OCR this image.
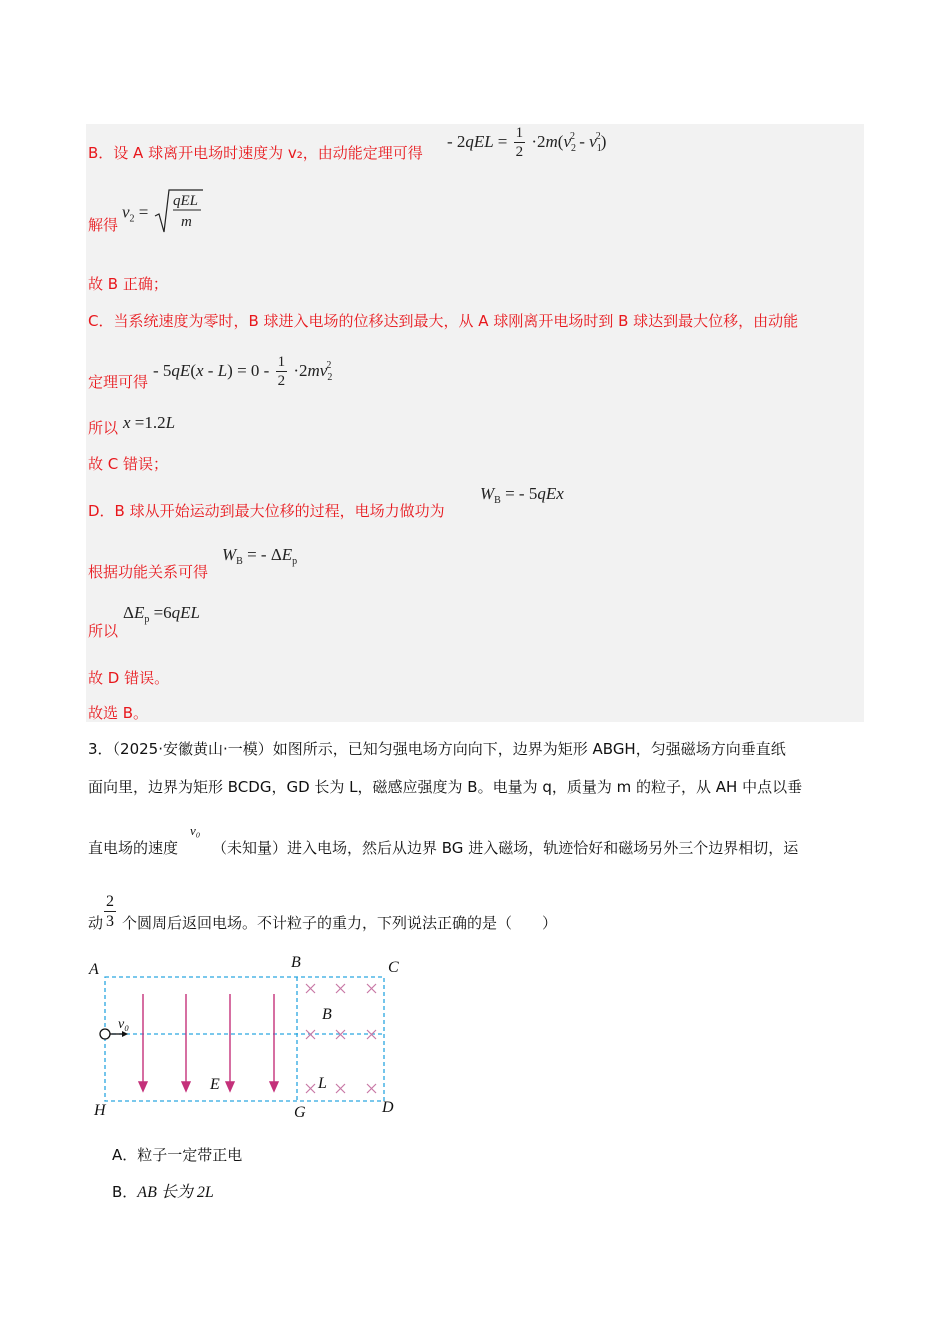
B．设 A 球离开电场时速度为 v₂，由动能定理可得
- $2qEL = \frac{1}{2} \cdot 2m(v_2^2 - v_1^2)$
解得
$v_2$ =
qEL
m
故 B 正确；
C．当系统速度为零时，B 球进入电场的位移达到最大，从 A 球刚离开电场时到 B 球达到最大位移，由动能
定理可得
- $5qE(x - L) = 0 - \frac{1}{2} \cdot 2mv_2^2$
所以 x =1.2L
故 C 错误；
D．B 球从开始运动到最大位移的过程，电场力做功为
$W_B$ = - 5qEx
根据功能关系可得
$W_B$ = - $\Delta E_p$
所以
$\Delta E_p =6qEL$
故 D 错误。
故选 B。
3．（2025·安徽黄山·一模）如图所示，已知匀强电场方向向下，边界为矩形 ABGH，匀强磁场方向垂直纸
面向里，边界为矩形 BCDG，GD 长为 L，磁感应强度为 B。电量为 q，质量为 m 的粒子，从 AH 中点以垂
直电场的速度
v₀
（未知量）进入电场，然后从边界 BG 进入磁场，轨迹恰好和磁场另外三个边界相切，运
动
2
3 个圆周后返回电场。不计粒子的重力，下列说法正确的是（　　）
A	B	C
D
G
H
E
B
L
v₀
A．粒子一定带正电
B．AB 长为 2L
